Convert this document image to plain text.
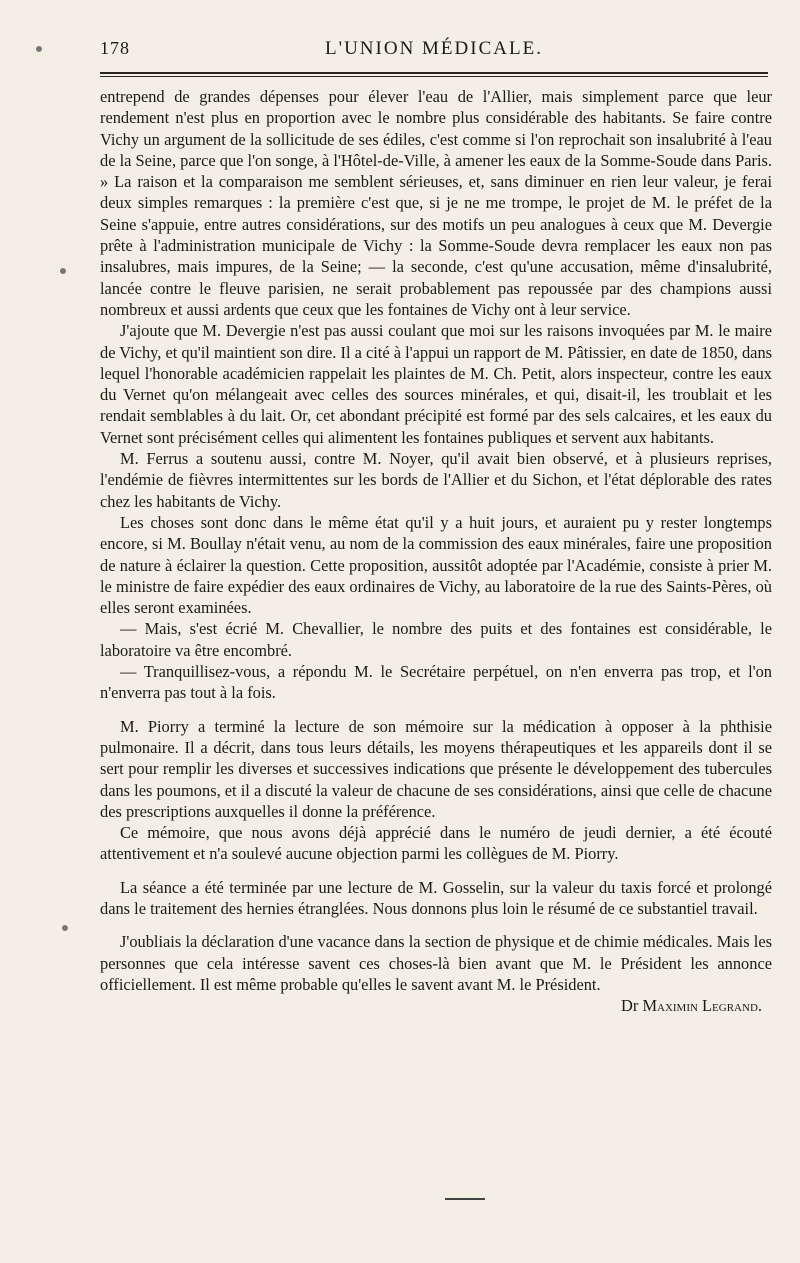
178	L'UNION MÉDICALE.

entrepend de grandes dépenses pour élever l'eau de l'Allier, mais simplement parce que leur rendement n'est plus en proportion avec le nombre plus considérable des habitants. Se faire contre Vichy un argument de la sollicitude de ses édiles, c'est comme si l'on reprochait son insalubrité à l'eau de la Seine, parce que l'on songe, à l'Hôtel-de-Ville, à amener les eaux de la Somme-Soude dans Paris. » La raison et la comparaison me semblent sérieuses, et, sans diminuer en rien leur valeur, je ferai deux simples remarques : la première c'est que, si je ne me trompe, le projet de M. le préfet de la Seine s'appuie, entre autres considérations, sur des motifs un peu analogues à ceux que M. Devergie prête à l'administration municipale de Vichy : la Somme-Soude devra remplacer les eaux non pas insalubres, mais impures, de la Seine; — la seconde, c'est qu'une accusation, même d'insalubrité, lancée contre le fleuve parisien, ne serait probablement pas repoussée par des champions aussi nombreux et aussi ardents que ceux que les fontaines de Vichy ont à leur service.

J'ajoute que M. Devergie n'est pas aussi coulant que moi sur les raisons invoquées par M. le maire de Vichy, et qu'il maintient son dire. Il a cité à l'appui un rapport de M. Pâtissier, en date de 1850, dans lequel l'honorable académicien rappelait les plaintes de M. Ch. Petit, alors inspecteur, contre les eaux du Vernet qu'on mélangeait avec celles des sources minérales, et qui, disait-il, les troublait et les rendait semblables à du lait. Or, cet abondant précipité est formé par des sels calcaires, et les eaux du Vernet sont précisément celles qui alimentent les fontaines publiques et servent aux habitants.

M. Ferrus a soutenu aussi, contre M. Noyer, qu'il avait bien observé, et à plusieurs reprises, l'endémie de fièvres intermittentes sur les bords de l'Allier et du Sichon, et l'état déplorable des rates chez les habitants de Vichy.

Les choses sont donc dans le même état qu'il y a huit jours, et auraient pu y rester longtemps encore, si M. Boullay n'était venu, au nom de la commission des eaux minérales, faire une proposition de nature à éclairer la question. Cette proposition, aussitôt adoptée par l'Académie, consiste à prier M. le ministre de faire expédier des eaux ordinaires de Vichy, au laboratoire de la rue des Saints-Pères, où elles seront examinées.

— Mais, s'est écrié M. Chevallier, le nombre des puits et des fontaines est considérable, le laboratoire va être encombré.

— Tranquillisez-vous, a répondu M. le Secrétaire perpétuel, on n'en enverra pas trop, et l'on n'enverra pas tout à la fois.

M. Piorry a terminé la lecture de son mémoire sur la médication à opposer à la phthisie pulmonaire. Il a décrit, dans tous leurs détails, les moyens thérapeutiques et les appareils dont il se sert pour remplir les diverses et successives indications que présente le développement des tubercules dans les poumons, et il a discuté la valeur de chacune de ses considérations, ainsi que celle de chacune des prescriptions auxquelles il donne la préférence.

Ce mémoire, que nous avons déjà apprécié dans le numéro de jeudi dernier, a été écouté attentivement et n'a soulevé aucune objection parmi les collègues de M. Piorry.

La séance a été terminée par une lecture de M. Gosselin, sur la valeur du taxis forcé et prolongé dans le traitement des hernies étranglées. Nous donnons plus loin le résumé de ce substantiel travail.

J'oubliais la déclaration d'une vacance dans la section de physique et de chimie médicales. Mais les personnes que cela intéresse savent ces choses-là bien avant que M. le Président les annonce officiellement. Il est même probable qu'elles le savent avant M. le Président.

Dr Maximin Legrand.
